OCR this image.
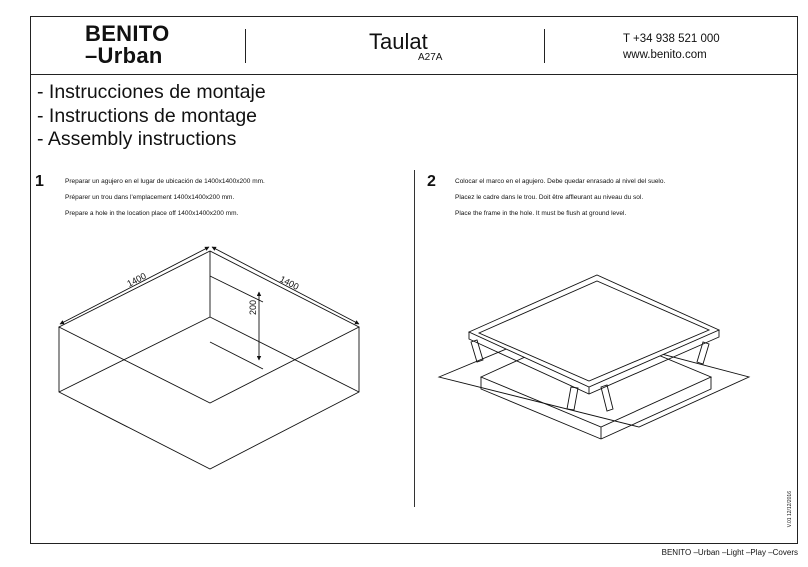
BENITO
–Urban
Taulat
A27A
T +34 938 521 000
www.benito.com
- Instrucciones de montaje
- Instructions de montage
- Assembly instructions
1	Preparar un agujero en el lugar de ubicación de 1400x1400x200 mm.
Préparer un trou dans l'emplacement 1400x1400x200 mm.
Prepare a hole in the location place off 1400x1400x200 mm.
2	Colocar el marco en el agujero. Debe quedar enrasado al nivel del suelo.
Placez le cadre dans le trou. Doit être affleurant au niveau du sol.
Place the frame in the hole. It must be flush at ground level.
1400	1400
200
V.01 12/12/2016
BENITO –Urban –Light –Play –Covers
